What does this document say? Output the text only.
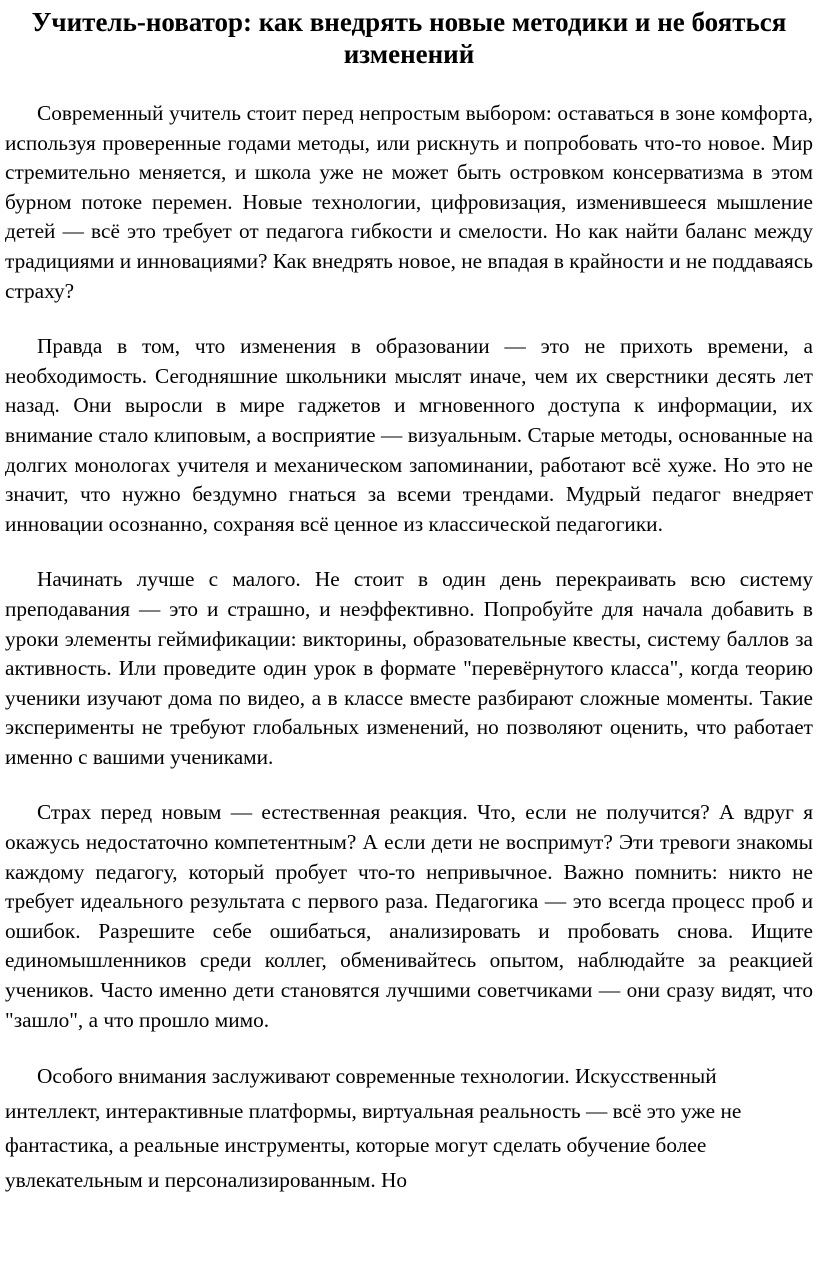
Учитель-новатор: как внедрять новые методики и не бояться изменений

Современный учитель стоит перед непростым выбором: оставаться в зоне комфорта, используя проверенные годами методы, или рискнуть и попробовать что-то новое. Мир стремительно меняется, и школа уже не может быть островком консерватизма в этом бурном потоке перемен. Новые технологии, цифровизация, изменившееся мышление детей — всё это требует от педагога гибкости и смелости. Но как найти баланс между традициями и инновациями? Как внедрять новое, не впадая в крайности и не поддаваясь страху?

Правда в том, что изменения в образовании — это не прихоть времени, а необходимость. Сегодняшние школьники мыслят иначе, чем их сверстники десять лет назад. Они выросли в мире гаджетов и мгновенного доступа к информации, их внимание стало клиповым, а восприятие — визуальным. Старые методы, основанные на долгих монологах учителя и механическом запоминании, работают всё хуже. Но это не значит, что нужно бездумно гнаться за всеми трендами. Мудрый педагог внедряет инновации осознанно, сохраняя всё ценное из классической педагогики.

Начинать лучше с малого. Не стоит в один день перекраивать всю систему преподавания — это и страшно, и неэффективно. Попробуйте для начала добавить в уроки элементы геймификации: викторины, образовательные квесты, систему баллов за активность. Или проведите один урок в формате "перевёрнутого класса", когда теорию ученики изучают дома по видео, а в классе вместе разбирают сложные моменты. Такие эксперименты не требуют глобальных изменений, но позволяют оценить, что работает именно с вашими учениками.

Страх перед новым — естественная реакция. Что, если не получится? А вдруг я окажусь недостаточно компетентным? А если дети не воспримут? Эти тревоги знакомы каждому педагогу, который пробует что-то непривычное. Важно помнить: никто не требует идеального результата с первого раза. Педагогика — это всегда процесс проб и ошибок. Разрешите себе ошибаться, анализировать и пробовать снова. Ищите единомышленников среди коллег, обменивайтесь опытом, наблюдайте за реакцией учеников. Часто именно дети становятся лучшими советчиками — они сразу видят, что "зашло", а что прошло мимо.

Особого внимания заслуживают современные технологии. Искусственный интеллект, интерактивные платформы, виртуальная реальность — всё это уже не фантастика, а реальные инструменты, которые могут сделать обучение более увлекательным и персонализированным. Но
